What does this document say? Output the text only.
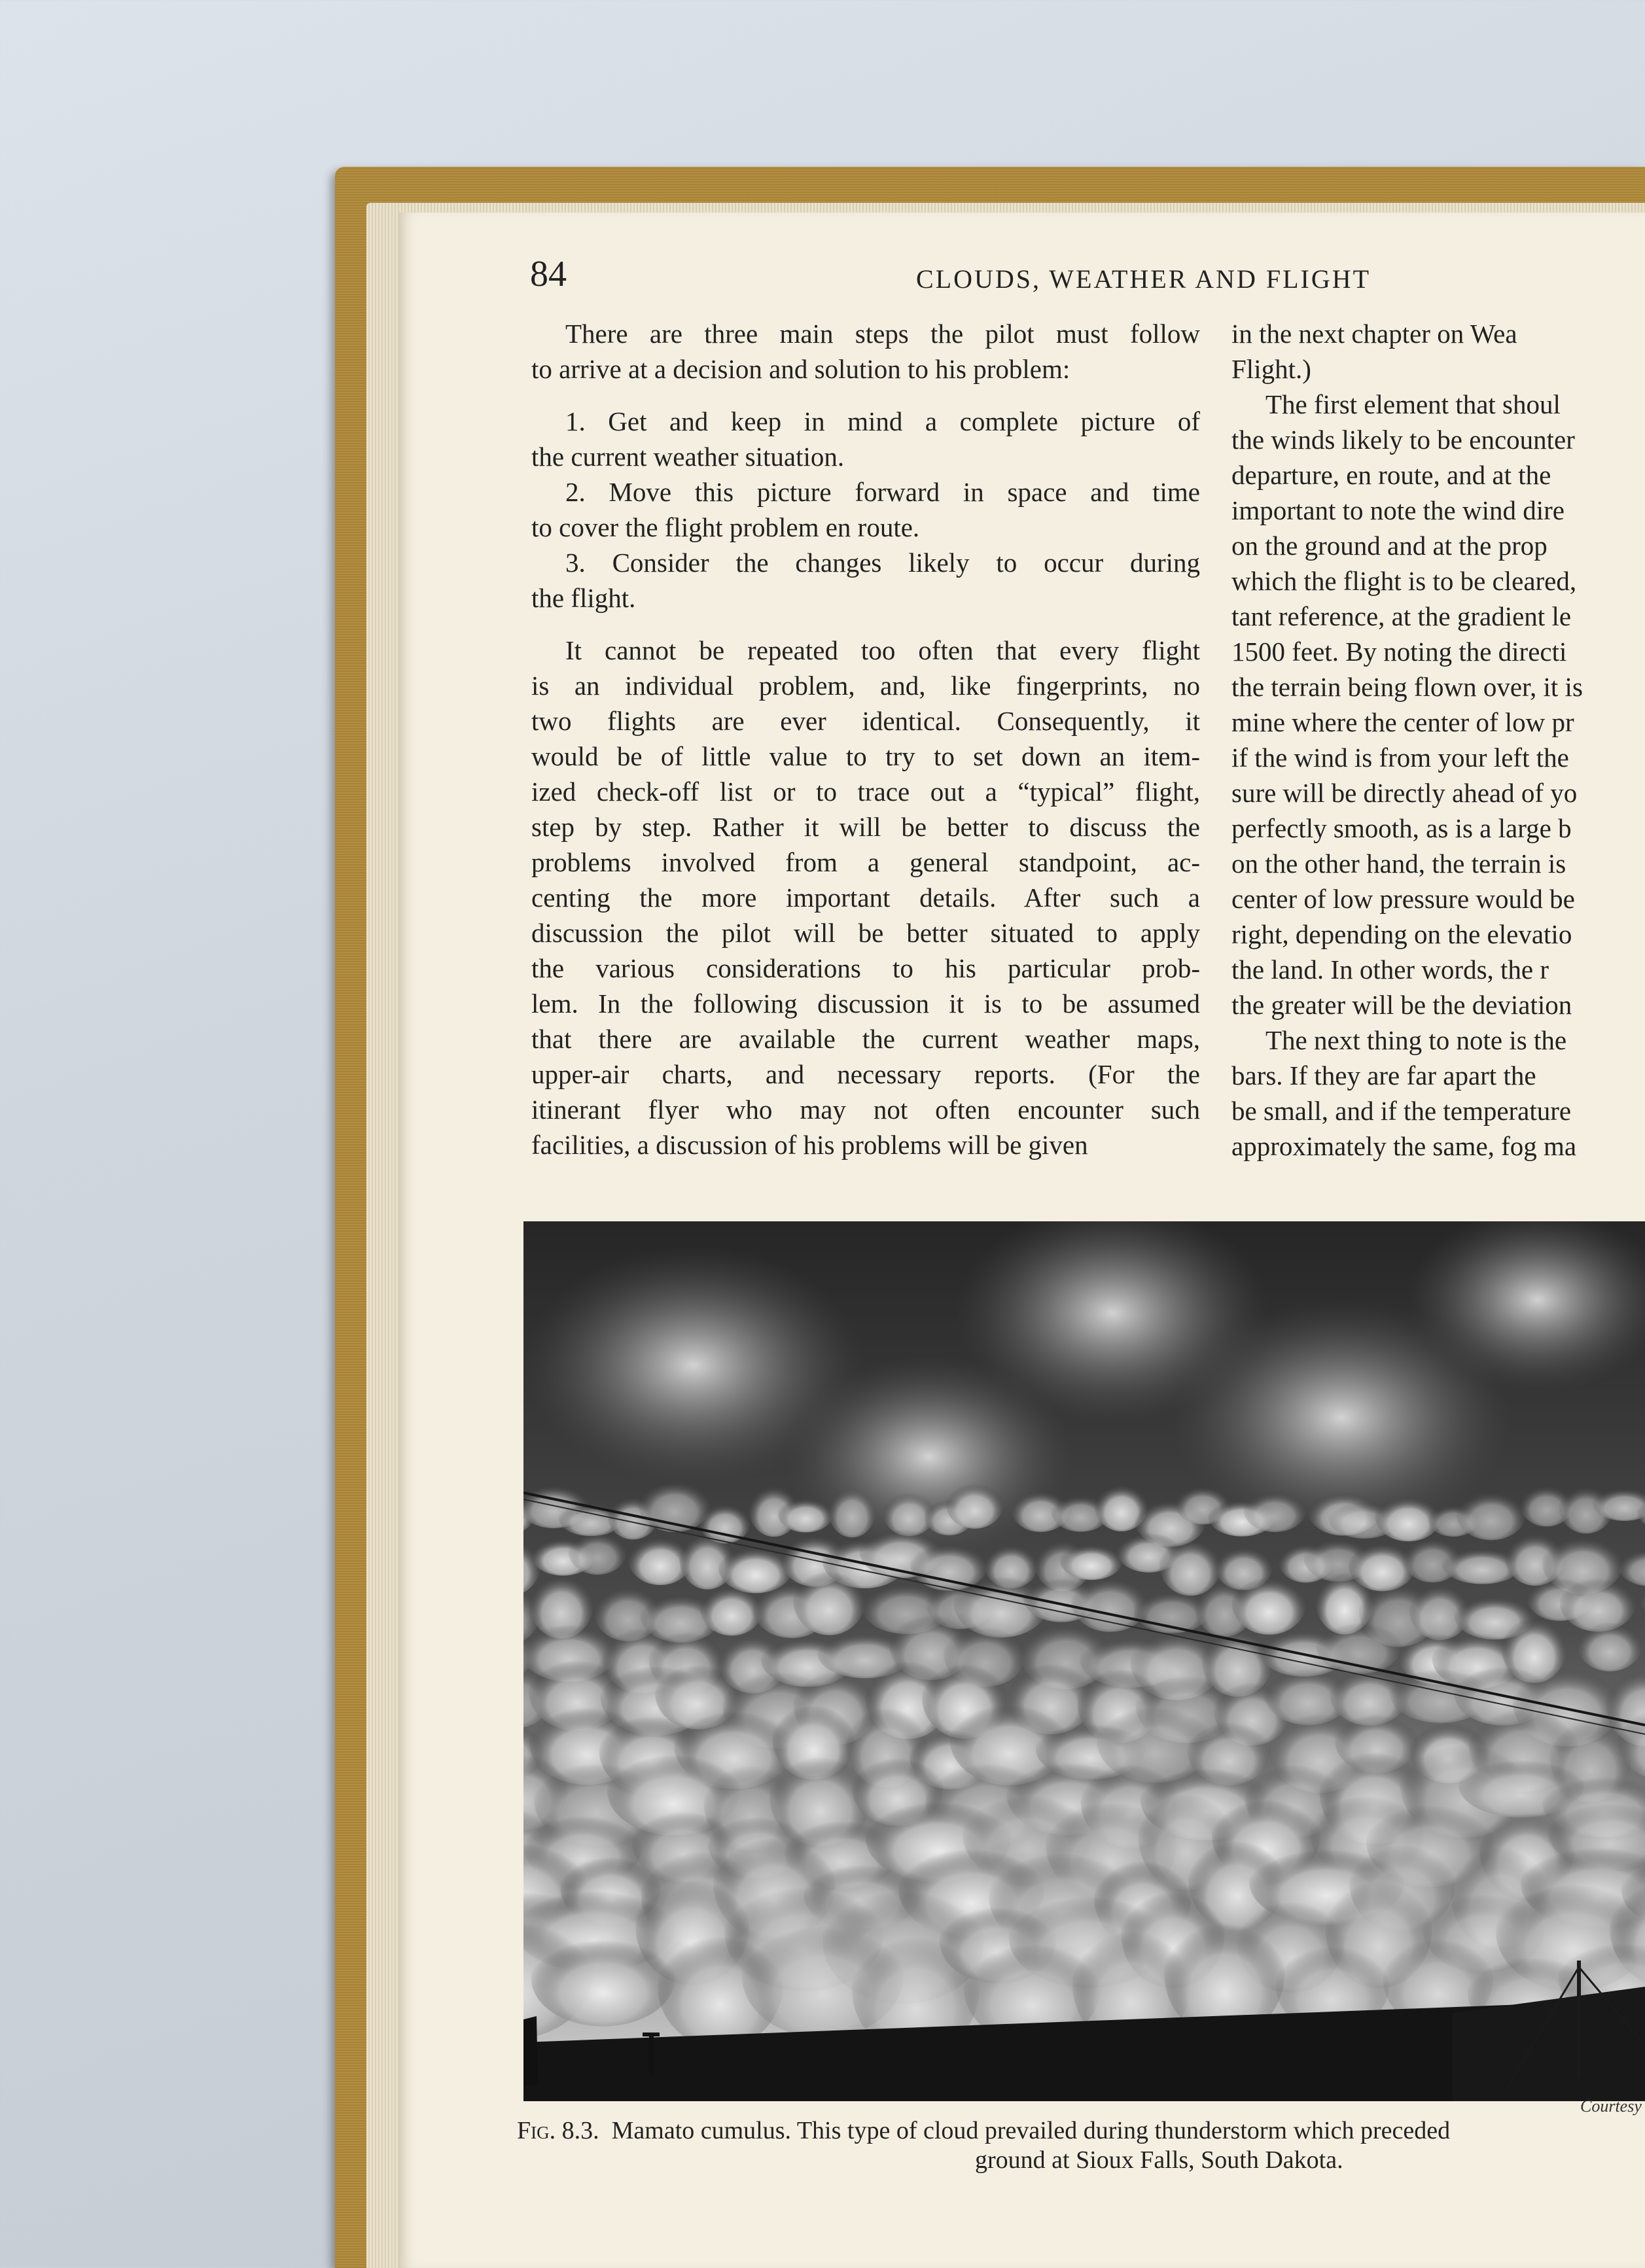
84	CLOUDS, WEATHER AND FLIGHT

There are three main steps the pilot must follow

to arrive at a decision and solution to his problem:

1. Get and keep in mind a complete picture of

the current weather situation.

2. Move this picture forward in space and time

to cover the flight problem en route.

3. Consider the changes likely to occur during

the flight.

It cannot be repeated too often that every flight

is an individual problem, and, like fingerprints, no

two flights are ever identical. Consequently, it

would be of little value to try to set down an item-

ized check-off list or to trace out a “typical” flight,

step by step. Rather it will be better to discuss the

problems involved from a general standpoint, ac-

centing the more important details. After such a

discussion the pilot will be better situated to apply

the various considerations to his particular prob-

lem. In the following discussion it is to be assumed

that there are available the current weather maps,

upper-air charts, and necessary reports. (For the

itinerant flyer who may not often encounter such

facilities, a discussion of his problems will be given

in the next chapter on Wea

Flight.)

The first element that shoul

the winds likely to be encounter

departure, en route, and at the

important to note the wind dire

on the ground and at the prop

which the flight is to be cleared,

tant reference, at the gradient le

1500 feet. By noting the directi

the terrain being flown over, it is

mine where the center of low pr

if the wind is from your left the

sure will be directly ahead of yo

perfectly smooth, as is a large b

on the other hand, the terrain is

center of low pressure would be

right, depending on the elevatio

the land. In other words, the r

the greater will be the deviation

The next thing to note is the

bars. If they are far apart the

be small, and if the temperature

approximately the same, fog ma

Courtesy
Fig. 8.3. Mamato cumulus. This type of cloud prevailed during thunderstorm which preceded
ground at Sioux Falls, South Dakota.
